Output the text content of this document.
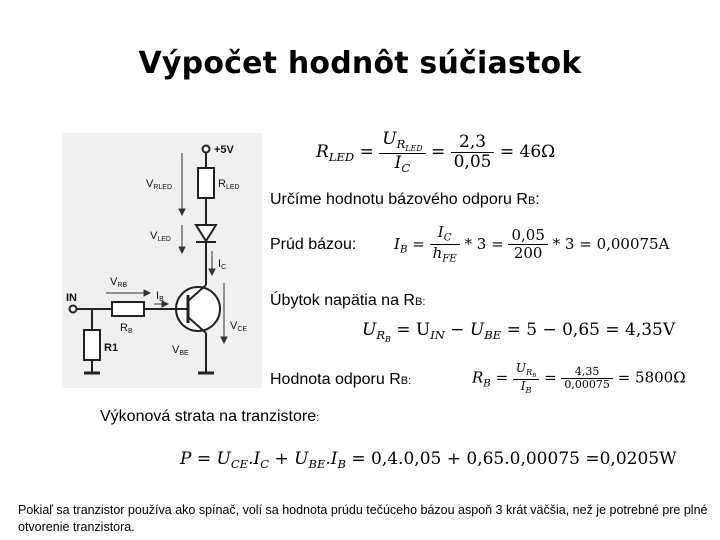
Výpočet hodnôt súčiastok
+5V
VRLED	RLED
VLED
IC
VRB
IB
IN
RB
R1	VBE
VCE
$R_{LED} = \frac{U_{R_{LED}}}{I_C} = \frac{2,3}{0,05} = 46\Omega$
Určíme hodnotu bázového odporu RB:
Prúd bázou:	$I_B = \frac{I_C}{h_{FE}} * 3 = \frac{0,05}{200} * 3 = 0,00075A$
Úbytok napätia na RB:
$U_{R_B} = U_{IN} - U_{BE} = 5 - 0,65 = 4,35V$
Hodnota odporu RB:	$R_B = \frac{U_{R_B}}{I_B} = \frac{4,35}{0,00075} = 5800\Omega$
Výkonová strata na tranzistore:
$P = U_{CE}.I_C + U_{BE}.I_B = 0,4.0,05 + 0,65.0,00075 =0,0205W$
Pokiaľ sa tranzistor používa ako spínač, volí sa hodnota prúdu tečúceho bázou aspoň 3 krát väčšia, než je potrebné pre plné otvorenie tranzistora.
